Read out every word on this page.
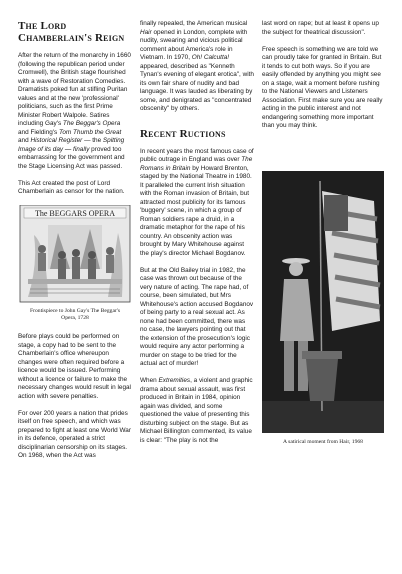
The Lord Chamberlain's Reign

After the return of the monarchy in 1660 (following the republican period under Cromwell), the British stage flourished with a wave of Restoration Comedies. Dramatists poked fun at stifling Puritan values and at the new 'professional' politicians, such as the first Prime Minister Robert Walpole. Satires including Gay's The Beggar's Opera and Fielding's Tom Thumb the Great and Historical Register — the Spitting Image of its day — finally proved too embarrassing for the government and the Stage Licensing Act was passed.

This Act created the post of Lord Chamberlain as censor for the nation.

The BEGGARS OPERA
Frontispiece to John Gay's The Beggar's Opera, 1728

Before plays could be performed on stage, a copy had to be sent to the Chamberlain's office whereupon changes were often required before a licence would be issued. Performing without a licence or failure to make the necessary changes would result in legal action with severe penalties.

For over 200 years a nation that prides itself on free speech, and which was prepared to fight at least one World War in its defence, operated a strict disciplinarian censorship on its stages. On 1968, when the Act was

finally repealed, the American musical Hair opened in London, complete with nudity, swearing and vicious political comment about America's role in Vietnam. In 1970, Oh! Calcutta! appeared, described as "Kenneth Tynan's evening of elegant erotica", with its own fair share of nudity and bad language. It was lauded as liberating by some, and denigrated as "concentrated obscenity" by others.

Recent Ructions

In recent years the most famous case of public outrage in England was over The Romans in Britain by Howard Brenton, staged by the National Theatre in 1980. It paralleled the current Irish situation with the Roman invasion of Britain, but attracted most publicity for its famous 'buggery' scene, in which a group of Roman soldiers rape a druid, in a dramatic metaphor for the rape of his country. An obscenity action was brought by Mary Whitehouse against the play's director Michael Bogdanov.

But at the Old Bailey trial in 1982, the case was thrown out because of the very nature of acting. The rape had, of course, been simulated, but Mrs Whitehouse's action accused Bogdanov of being party to a real sexual act. As none had been committed, there was no case, the lawyers pointing out that the extension of the prosecution's logic would require any actor performing a murder on stage to be tried for the actual act of murder!

When Extremities, a violent and graphic drama about sexual assault, was first produced in Britain in 1984, opinion again was divided, and some questioned the value of presenting this disturbing subject on the stage. But as Michael Billington commented, its value is clear: "The play is not the

last word on rape; but at least it opens up the subject for theatrical discussion".

Free speech is something we are told we can proudly take for granted in Britain. But it tends to cut both ways. So if you are easily offended by anything you might see on a stage, wait a moment before rushing to the National Viewers and Listeners Association. First make sure you are really acting in the public interest and not endangering something more important than you may think.

A satirical moment from Hair, 1968
